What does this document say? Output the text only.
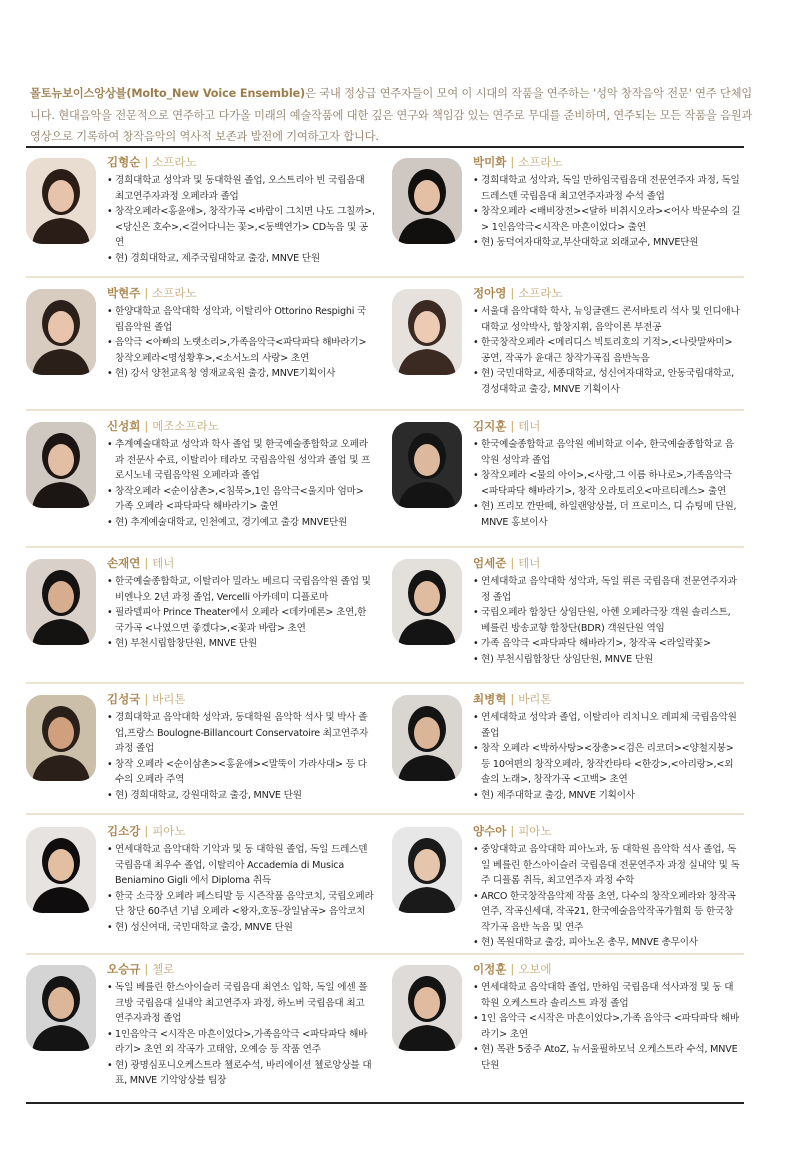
몰토뉴보이스앙상블(Molto_New Voice Ensemble)은 국내 정상급 연주자들이 모여 이 시대의 작품을 연주하는 '성악 창작음악 전문' 연주 단체입니다. 현대음악을 전문적으로 연주하고 다가올 미래의 예술작품에 대한 깊은 연구와 책임감 있는 연주로 무대를 준비하며, 연주되는 모든 작품을 음원과 영상으로 기록하여 창작음악의 역사적 보존과 발전에 기여하고자 합니다.

김형순 | 소프라노
• 경희대학교 성악과 및 동대학원 졸업, 오스트리아 빈 국립음대 최고연주자과정 오페라과 졸업
• 창작오페라<홍윤애>, 창작가곡 <바람이 그치면 나도 그칠까>,<당신은 호수>,<걸어다니는 꽃>,<동백연가> CD녹음 및 공연
• 현) 경희대학교, 제주국립대학교 출강, MNVE 단원
박미화 | 소프라노
• 경희대학교 성악과, 독일 만하임국립음대 전문연주자 과정, 독일 드레스덴 국립음대 최고연주자과정 수석 졸업
• 창작오페라 <배비장전><달하 비취시오라><어사 박문수의 길> 1인음악극<시작은 마흔이었다> 출연
• 현) 동덕여자대학교,부산대학교 외래교수, MNVE단원
박현주 | 소프라노
• 한양대학교 음악대학 성악과, 이탈리아 Ottorino Respighi 국립음악원 졸업
• 음악극 <아빠의 노랫소리>,가족음악극<파닥파닥 해바라기> 창작오페라<명성황후>,<소서노의 사랑> 초연
• 현) 강서 양천교육청 영재교육원 출강, MNVE기획이사
정아영 | 소프라노
• 서울대 음악대학 학사, 뉴잉글랜드 콘서바토리 석사 및 인디애나대학교 성악박사, 합창지휘, 음악이론 부전공
• 한국창작오페라 <메리디스 빅토리호의 기적>,<나랏말싸미> 공연, 작곡가 윤대근 창작가곡집 음반녹음
• 현) 국민대학교, 세종대학교, 성신여자대학교, 안동국립대학교, 경성대학교 출강, MNVE 기획이사
신성희 | 메조소프라노
• 추계예술대학교 성악과 학사 졸업 및 한국예술종합학교 오페라과 전문사 수료, 이탈리아 테라모 국립음악원 성악과 졸업 및 프로시노네 국립음악원 오페라과 졸업
• 창작오페라 <순이삼촌>,<침묵>,1인 음악극<울지마 엄마> 가족 오페라 <파닥파닥 해바라기> 출연
• 현) 추계예술대학교, 인천예고, 경기예고 출강 MNVE단원
김지훈 | 테너
• 한국예술종합학교 음악원 예비학교 이수, 한국예술종합학교 음악원 성악과 졸업
• 창작오페라 <물의 아이>,<사랑,그 이름 하나로>,가족음악극 <파닥파닥 해바라기>, 창작 오라토리오<마르티레스> 출연
• 현) 프리모 깐딴떼, 하일랜앙상블, 더 프로미스, 디 슈팅메 단원, MNVE 홍보이사
손재연 | 테너
• 한국예술종합학교, 이탈리아 밀라노 베르디 국립음악원 졸업 및 비엔나오 2년 과정 졸업, Vercelli 아카데미 디플로마
• 필라델피아 Prince Theater에서 오페라 <데카메론> 초연,한국가곡 <나였으면 좋겠다>,<꽃과 바람> 초연
• 현) 부천시립합창단원, MNVE 단원
엄세준 | 테너
• 연세대학교 음악대학 성악과, 독일 뤼른 국립음대 전문연주자과정 졸업
• 국립오페라 합창단 상임단원, 아헨 오페라극장 객원 솔리스트, 베를린 방송교향 합창단(BDR) 객원단원 역임
• 가족 음악극 <파닥파닥 해바라기>, 창작곡 <라일락꽃>
• 현) 부천시립합창단 상임단원, MNVE 단원
김성국 | 바리톤
• 경희대학교 음악대학 성악과, 동대학원 음악학 석사 및 박사 졸업,프랑스 Boulogne-Billancourt Conservatoire 최고연주자 과정 졸업
• 창작 오페라 <순이삼촌><홍윤애><말뚝이 가라사대> 등 다수의 오페라 주역
• 현) 경희대학교, 강원대학교 출강, MNVE 단원
최병혁 | 바리톤
• 연세대학교 성악과 졸업, 이탈리아 리치니오 레피체 국립음악원 졸업
• 창작 오페라 <박하사탕><장총><검은 리코더><양철지붕>등 10여편의 창작오페라, 창작칸타타 <한강>,<아리랑>,<외솔의 노래>, 창작가곡 <고백> 초연
• 현) 제주대학교 출강, MNVE 기획이사
김소강 | 피아노
• 연세대학교 음악대학 기악과 및 동 대학원 졸업, 독일 드레스덴 국립음대 최우수 졸업, 이탈리아 Accademia di Musica Beniamino Gigli 에서 Diploma 취득
• 한국 소극장 오페라 페스티발 등 시즌작품 음악코치, 국립오페라단 창단 60주년 기념 오페라 <왕자,호동-장일남곡> 음악코치
• 현) 성신여대, 국민대학교 출강, MNVE 단원
양수아 | 피아노
• 중앙대학교 음악대학 피아노과, 동 대학원 음악학 석사 졸업, 독일 베를린 한스아이슬러 국립음대 전문연주자 과정 실내악 및 독주 디플롬 취득, 최고연주자 과정 수학
• ARCO 한국창작음악제 작품 초연, 다수의 창작오페라와 창작곡 연주, 작곡신세대, 작곡21, 한국예술음악작곡가협회 등 한국창작가곡 음반 녹음 및 연주
• 현) 목원대학교 출강, 피아노온 총무, MNVE 총무이사
오승규 | 첼로
• 독일 베를린 한스아이슬러 국립음대 최연소 입학, 독일 에센 폴크방 국립음대 실내악 최고연주자 과정, 하노버 국립음대 최고 연주자과정 졸업
• 1인음악극 <시작은 마흔이었다>,가족음악극 <파닥파닥 해바라기> 초연 외 작곡가 고태암, 오예승 등 작품 연주
• 현) 광명심포니오케스트라 첼로수석, 바리에이션 첼로앙상블 대표, MNVE 기악앙상블 팀장
이정훈 | 오보에
• 연세대학교 음악대학 졸업, 만하임 국립음대 석사과정 및 동 대학원 오케스트라 솔리스트 과정 졸업
• 1인 음악극 <시작은 마흔이었다>,가족 음악극 <파닥파닥 해바라기> 초연
• 현) 목관 5중주 AtoZ, 뉴서울필하모닉 오케스트라 수석, MNVE 단원
